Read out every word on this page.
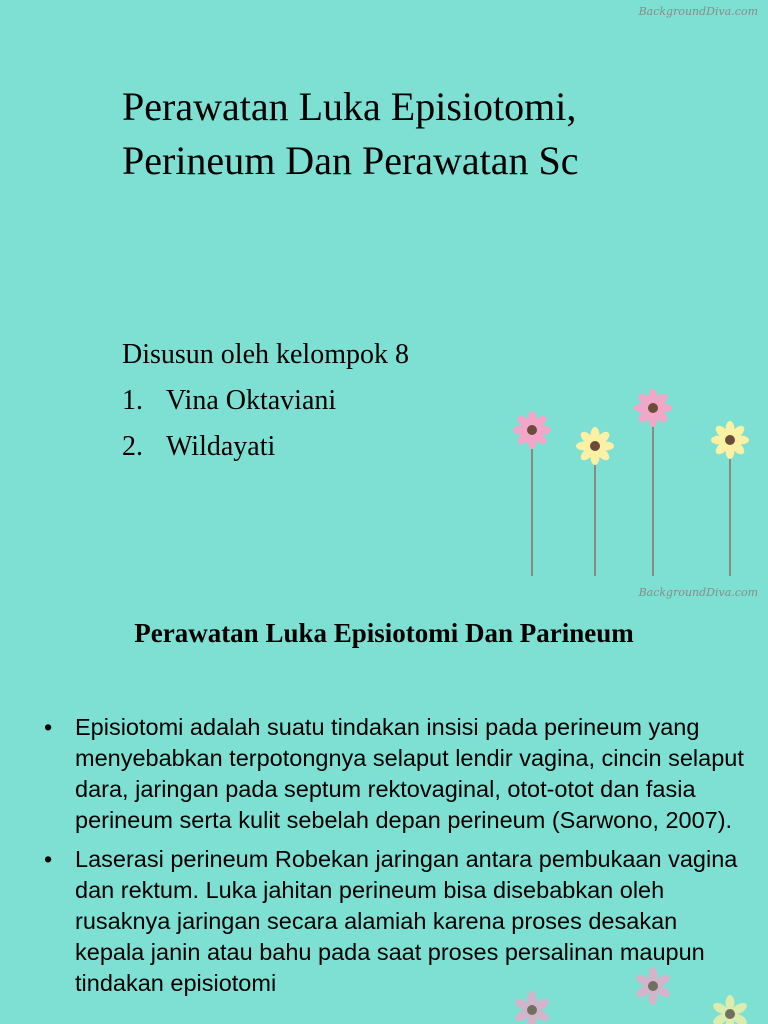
BackgroundDiva.com
Perawatan Luka Episiotomi,
Perineum Dan Perawatan Sc
Disusun oleh kelompok 8
1. Vina Oktaviani
2. Wildayati
BackgroundDiva.com
Perawatan Luka Episiotomi Dan Parineum
• Episiotomi adalah suatu tindakan insisi pada perineum yang menyebabkan terpotongnya selaput lendir vagina, cincin selaput dara, jaringan pada septum rektovaginal, otot-otot dan fasia perineum serta kulit sebelah depan perineum (Sarwono, 2007).
• Laserasi perineum Robekan jaringan antara pembukaan vagina dan rektum. Luka jahitan perineum bisa disebabkan oleh rusaknya jaringan secara alamiah karena proses desakan kepala janin atau bahu pada saat proses persalinan maupun tindakan episiotomi
